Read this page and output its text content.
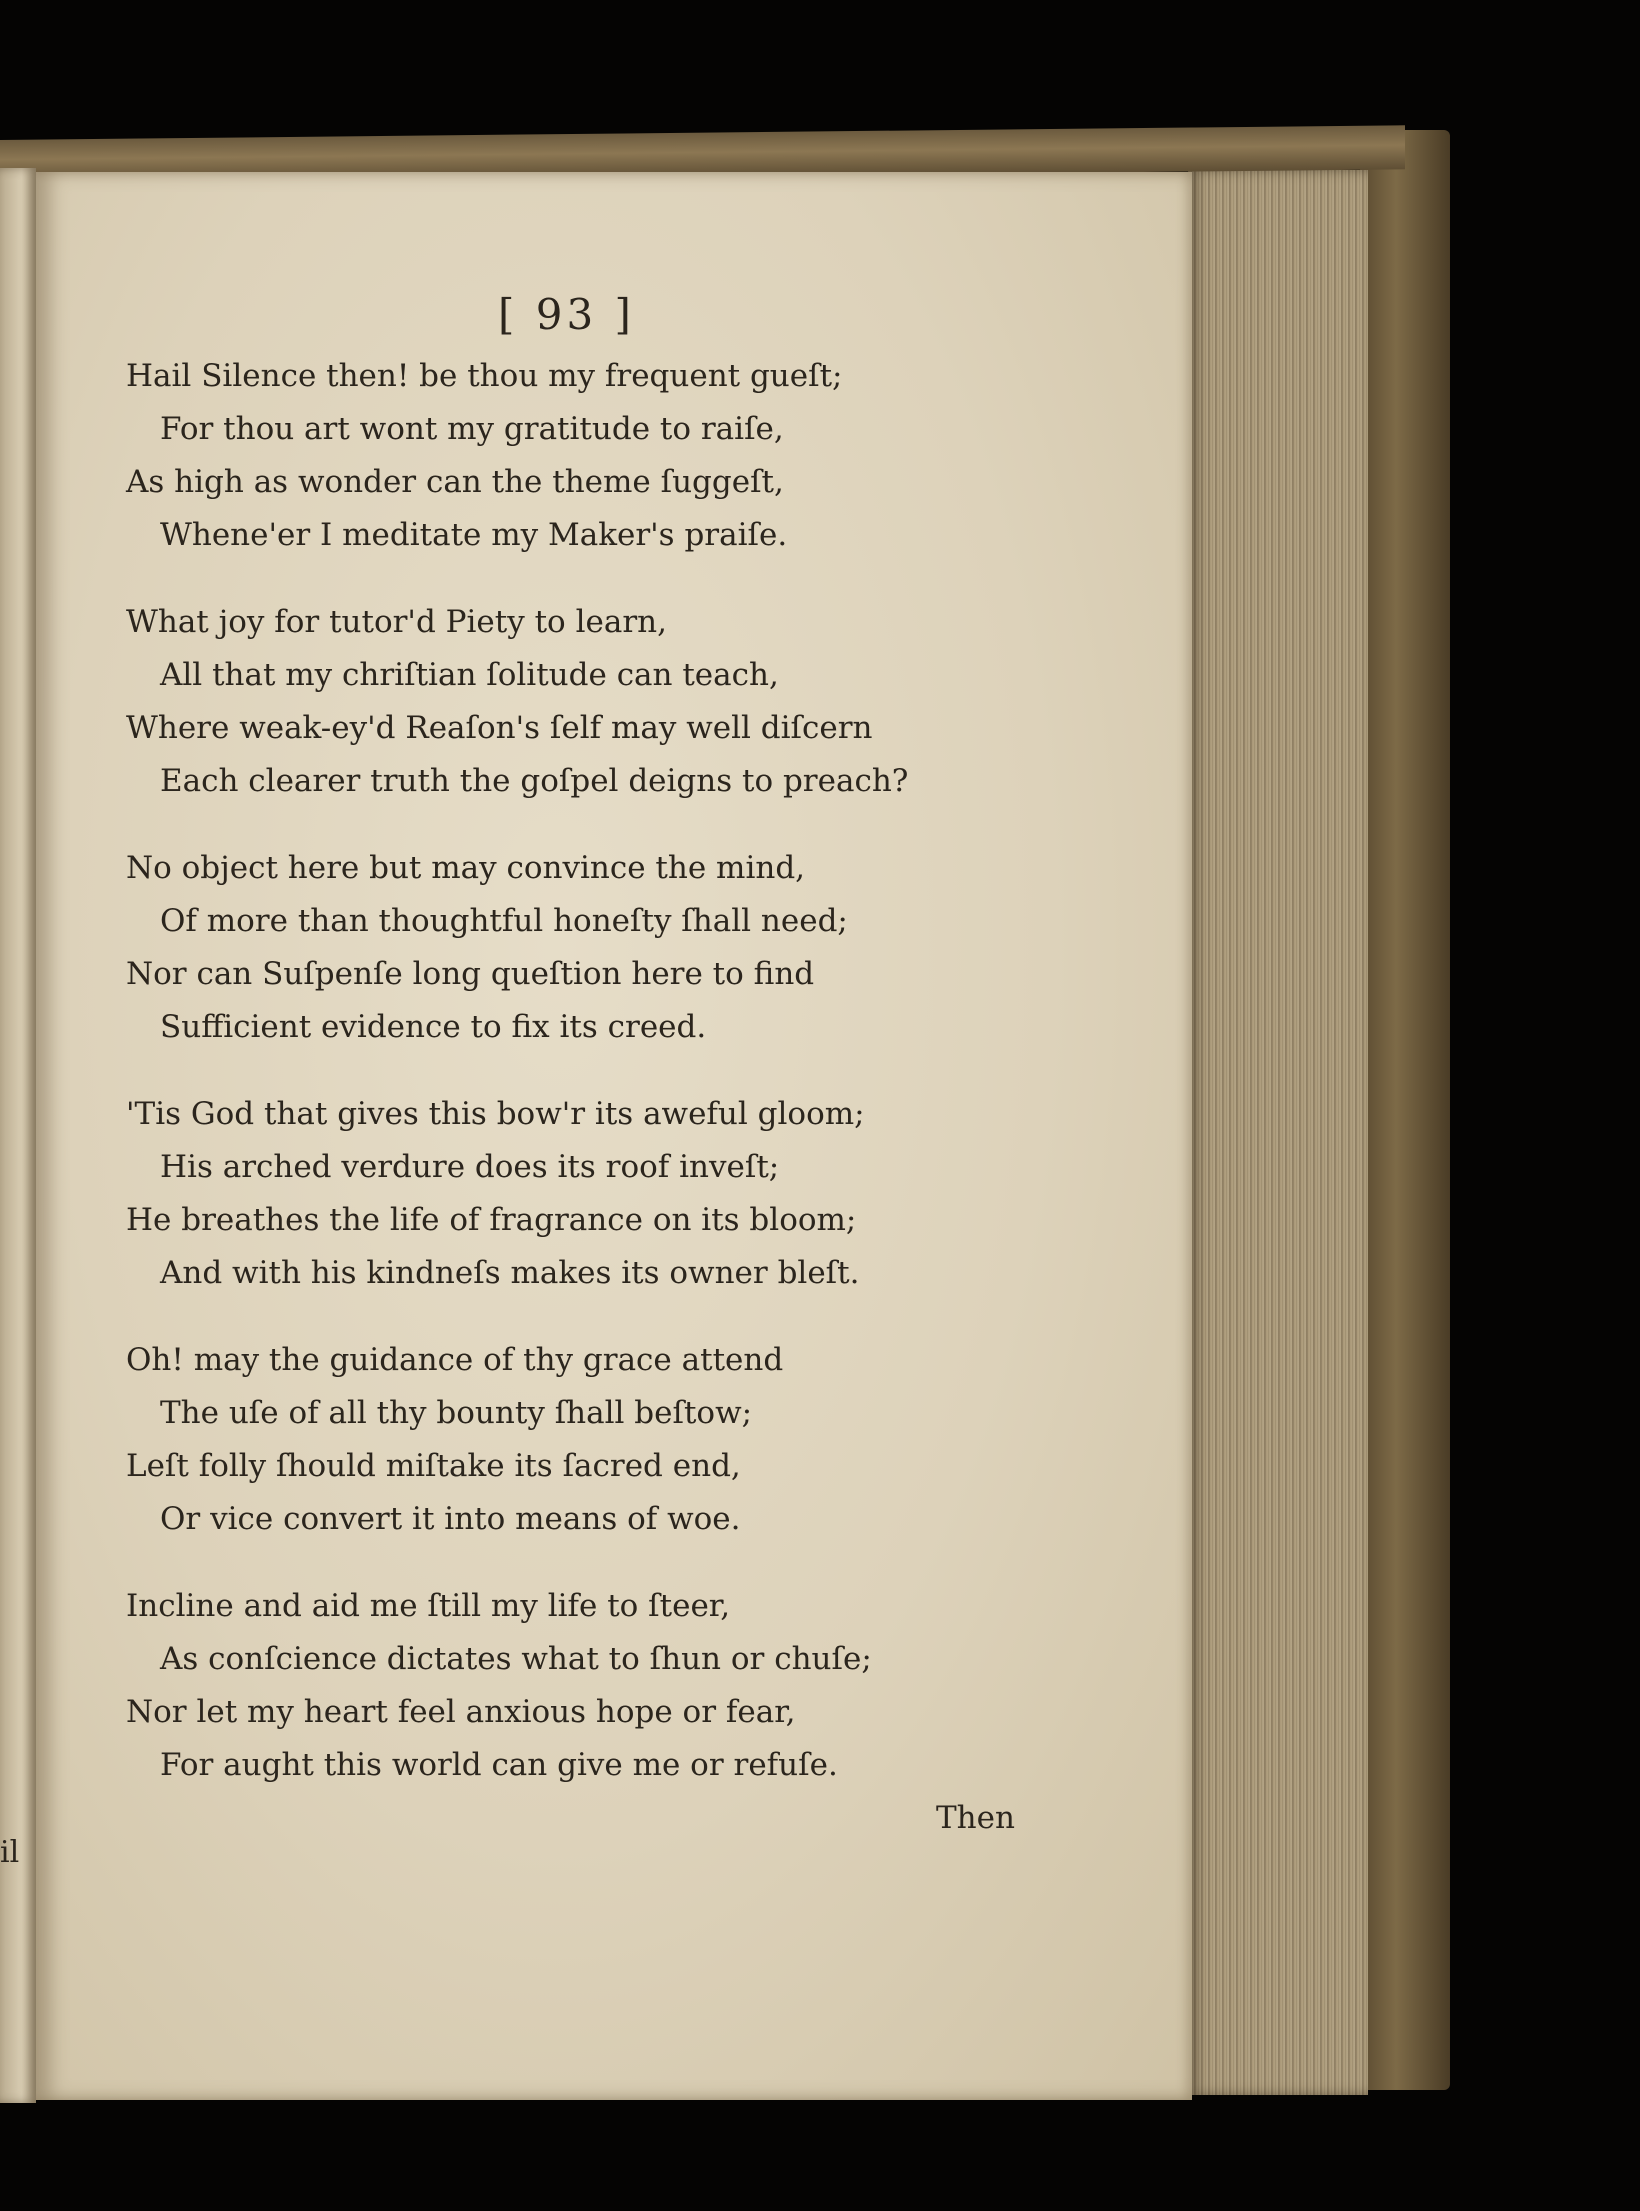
il
[ 93 ]
Hail Silence then! be thou my frequent gueſt;
For thou art wont my gratitude to raiſe,
As high as wonder can the theme ſuggeſt,
Whene'er I meditate my Maker's praiſe.
What joy for tutor'd Piety to learn,
All that my chriſtian ſolitude can teach,
Where weak-ey'd Reaſon's ſelf may well diſcern
Each clearer truth the goſpel deigns to preach?
No object here but may convince the mind,
Of more than thoughtful honeſty ſhall need;
Nor can Suſpenſe long queſtion here to find
Sufficient evidence to fix its creed.
'Tis God that gives this bow'r its aweful gloom;
His arched verdure does its roof inveſt;
He breathes the life of fragrance on its bloom;
And with his kindneſs makes its owner bleſt.
Oh! may the guidance of thy grace attend
The uſe of all thy bounty ſhall beſtow;
Leſt folly ſhould miſtake its ſacred end,
Or vice convert it into means of woe.
Incline and aid me ſtill my life to ſteer,
As conſcience dictates what to ſhun or chuſe;
Nor let my heart feel anxious hope or fear,
For aught this world can give me or refuſe.
Then
